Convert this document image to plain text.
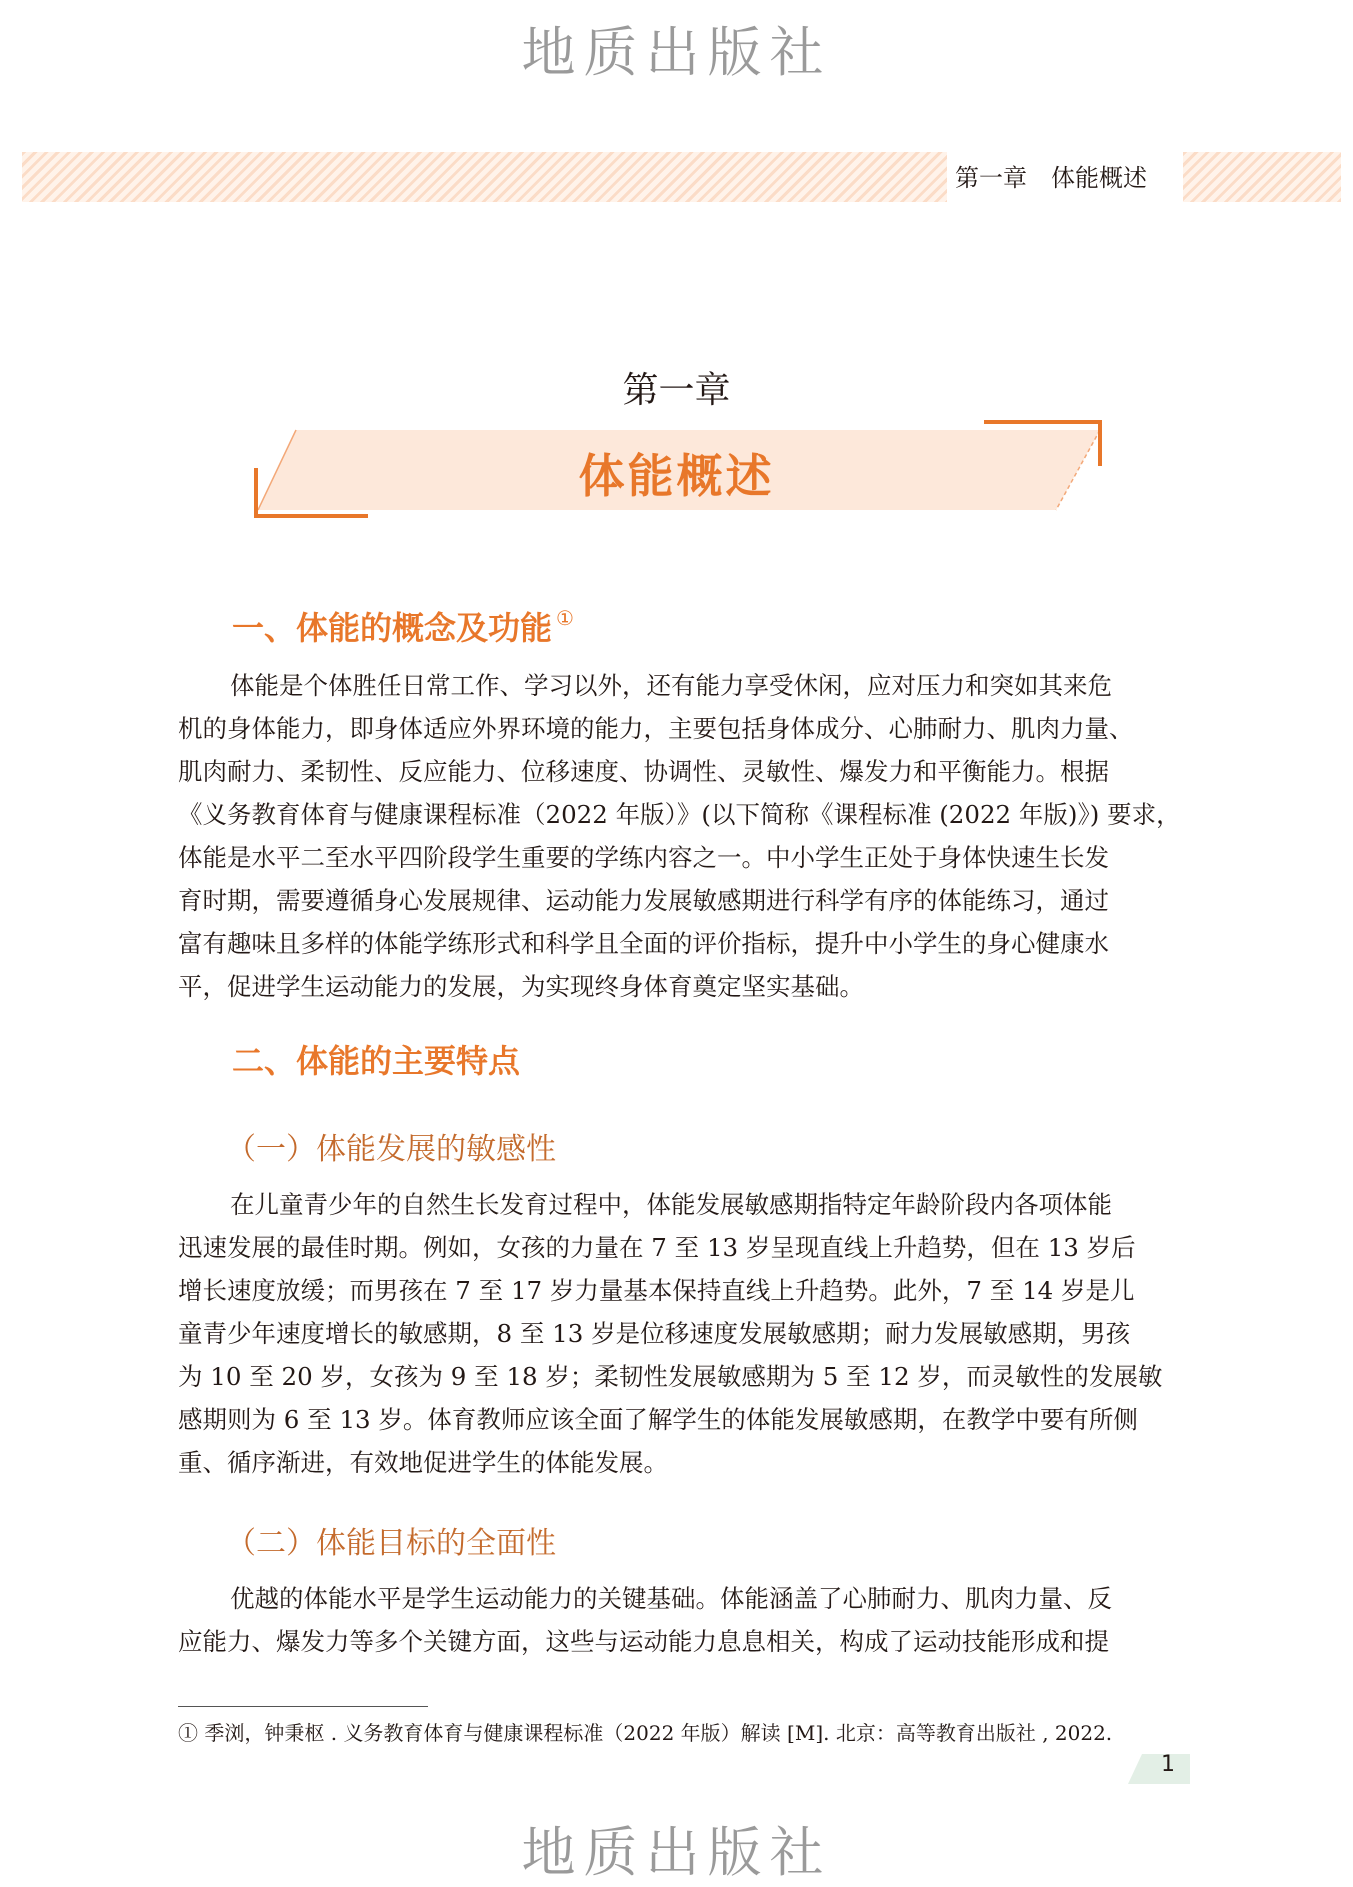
地质出版社
第一章　体能概述
第一章
体能概述
一、体能的概念及功能 ①

体能是个体胜任日常工作、学习以外，还有能力享受休闲，应对压力和突如其来危
机的身体能力，即身体适应外界环境的能力，主要包括身体成分、心肺耐力、肌肉力量、
肌肉耐力、柔韧性、反应能力、位移速度、协调性、灵敏性、爆发力和平衡能力。根据
《义务教育体育与健康课程标准（2022 年版）》(以下简称《课程标准 (2022 年版)》) 要求，
体能是水平二至水平四阶段学生重要的学练内容之一。中小学生正处于身体快速生长发
育时期，需要遵循身心发展规律、运动能力发展敏感期进行科学有序的体能练习，通过
富有趣味且多样的体能学练形式和科学且全面的评价指标，提升中小学生的身心健康水
平，促进学生运动能力的发展，为实现终身体育奠定坚实基础。

二、体能的主要特点
（一）体能发展的敏感性

在儿童青少年的自然生长发育过程中，体能发展敏感期指特定年龄阶段内各项体能
迅速发展的最佳时期。例如，女孩的力量在 7 至 13 岁呈现直线上升趋势，但在 13 岁后
增长速度放缓；而男孩在 7 至 17 岁力量基本保持直线上升趋势。此外，7 至 14 岁是儿
童青少年速度增长的敏感期，8 至 13 岁是位移速度发展敏感期；耐力发展敏感期，男孩
为 10 至 20 岁，女孩为 9 至 18 岁；柔韧性发展敏感期为 5 至 12 岁，而灵敏性的发展敏
感期则为 6 至 13 岁。体育教师应该全面了解学生的体能发展敏感期，在教学中要有所侧
重、循序渐进，有效地促进学生的体能发展。

（二）体能目标的全面性

优越的体能水平是学生运动能力的关键基础。体能涵盖了心肺耐力、肌肉力量、反
应能力、爆发力等多个关键方面，这些与运动能力息息相关，构成了运动技能形成和提

① 季浏，钟秉枢 . 义务教育体育与健康课程标准（2022 年版）解读 [M]. 北京：高等教育出版社 , 2022.
1
地质出版社
